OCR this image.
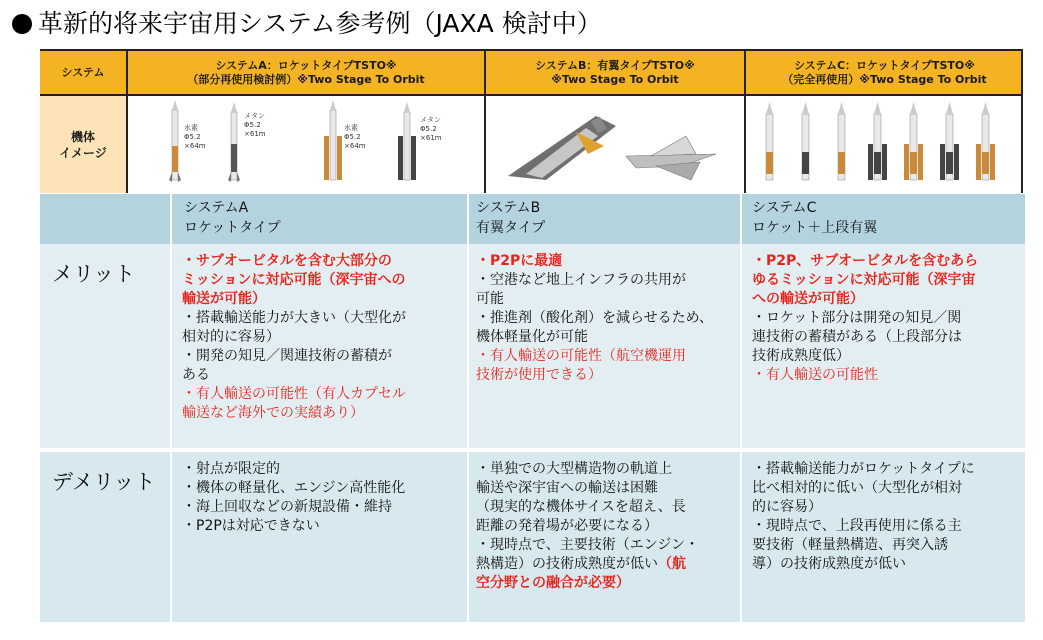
革新的将来宇宙用システム参考例（JAXA 検討中）
システム
システムA：ロケットタイプTSTO※
（部分再使用検討例）※Two Stage To Orbit
システムB：有翼タイプTSTO※
※Two Stage To Orbit
システムC：ロケットタイプTSTO※
（完全再使用）※Two Stage To Orbit
機体
イメージ
水素
Φ5.2
×64m
メタン
Φ5.2
×61m
水素
Φ5.2
×64m
メタン
Φ5.2
×61m
システムA
ロケットタイプ
システムB
有翼タイプ
システムC
ロケット＋上段有翼
メリット
デメリット

・サブオービタルを含む大部分の

ミッションに対応可能（深宇宙への

輸送が可能）

・搭載輸送能力が大きい（大型化が

相対的に容易）

・開発の知見／関連技術の蓄積が

ある

・有人輸送の可能性（有人カプセル

輸送など海外での実績あり）

・P2Pに最適

・空港など地上インフラの共用が

可能

・推進剤（酸化剤）を減らせるため、

機体軽量化が可能

・有人輸送の可能性（航空機運用

技術が使用できる）

・P2P、サブオービタルを含むあら

ゆるミッションに対応可能（深宇宙

への輸送が可能）

・ロケット部分は開発の知見／関

連技術の蓄積がある（上段部分は

技術成熟度低）

・有人輸送の可能性

・射点が限定的

・機体の軽量化、エンジン高性能化

・海上回収などの新規設備・維持

・P2Pは対応できない

・単独での大型構造物の軌道上

輸送や深宇宙への輸送は困難

（現実的な機体サイスを超え、長

距離の発着場が必要になる）

・現時点で、主要技術（エンジン・

熱構造）の技術成熟度が低い（航

空分野との融合が必要）

・搭載輸送能力がロケットタイプに

比べ相対的に低い（大型化が相対

的に容易）

・現時点で、上段再使用に係る主

要技術（軽量熱構造、再突入誘

導）の技術成熟度が低い
